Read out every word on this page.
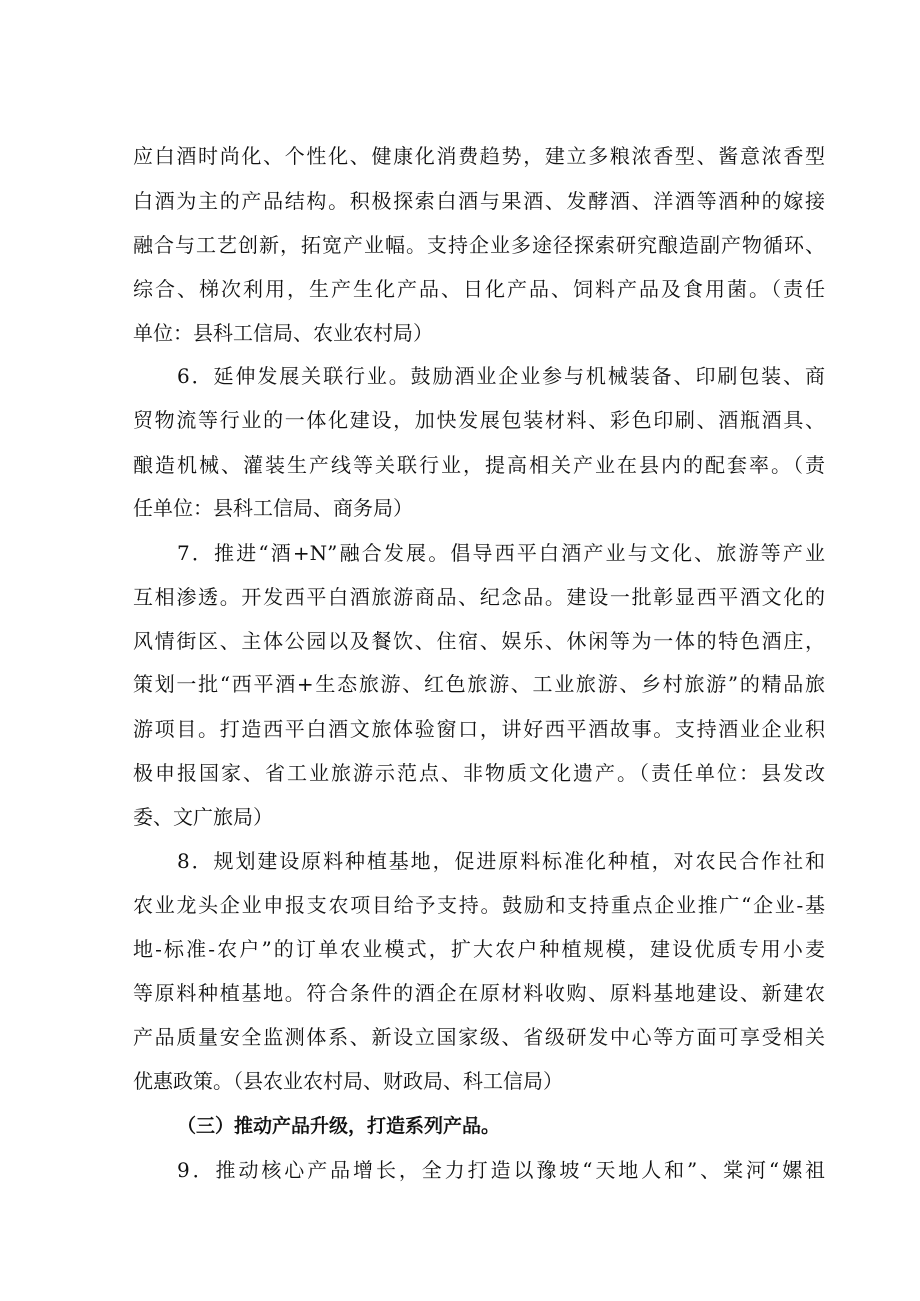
应白酒时尚化、个性化、健康化消费趋势，建立多粮浓香型、酱意浓香型

白酒为主的产品结构。积极探索白酒与果酒、发酵酒、洋酒等酒种的嫁接

融合与工艺创新，拓宽产业幅。支持企业多途径探索研究酿造副产物循环、

综合、梯次利用，生产生化产品、日化产品、饲料产品及食用菌。（责任

单位：县科工信局、农业农村局）

6．延伸发展关联行业。鼓励酒业企业参与机械装备、印刷包装、商

贸物流等行业的一体化建设，加快发展包装材料、彩色印刷、酒瓶酒具、

酿造机械、灌装生产线等关联行业，提高相关产业在县内的配套率。（责

任单位：县科工信局、商务局）

7．推进“酒+N”融合发展。倡导西平白酒产业与文化、旅游等产业

互相渗透。开发西平白酒旅游商品、纪念品。建设一批彰显西平酒文化的

风情街区、主体公园以及餐饮、住宿、娱乐、休闲等为一体的特色酒庄，

策划一批“西平酒+生态旅游、红色旅游、工业旅游、乡村旅游”的精品旅

游项目。打造西平白酒文旅体验窗口，讲好西平酒故事。支持酒业企业积

极申报国家、省工业旅游示范点、非物质文化遗产。（责任单位：县发改

委、文广旅局）

8．规划建设原料种植基地，促进原料标准化种植，对农民合作社和

农业龙头企业申报支农项目给予支持。鼓励和支持重点企业推广“企业-基

地-标准-农户”的订单农业模式，扩大农户种植规模，建设优质专用小麦

等原料种植基地。符合条件的酒企在原材料收购、原料基地建设、新建农

产品质量安全监测体系、新设立国家级、省级研发中心等方面可享受相关

优惠政策。（县农业农村局、财政局、科工信局）

（三）推动产品升级，打造系列产品。

9．推动核心产品增长，全力打造以豫坡“天地人和”、棠河“嫘祖
